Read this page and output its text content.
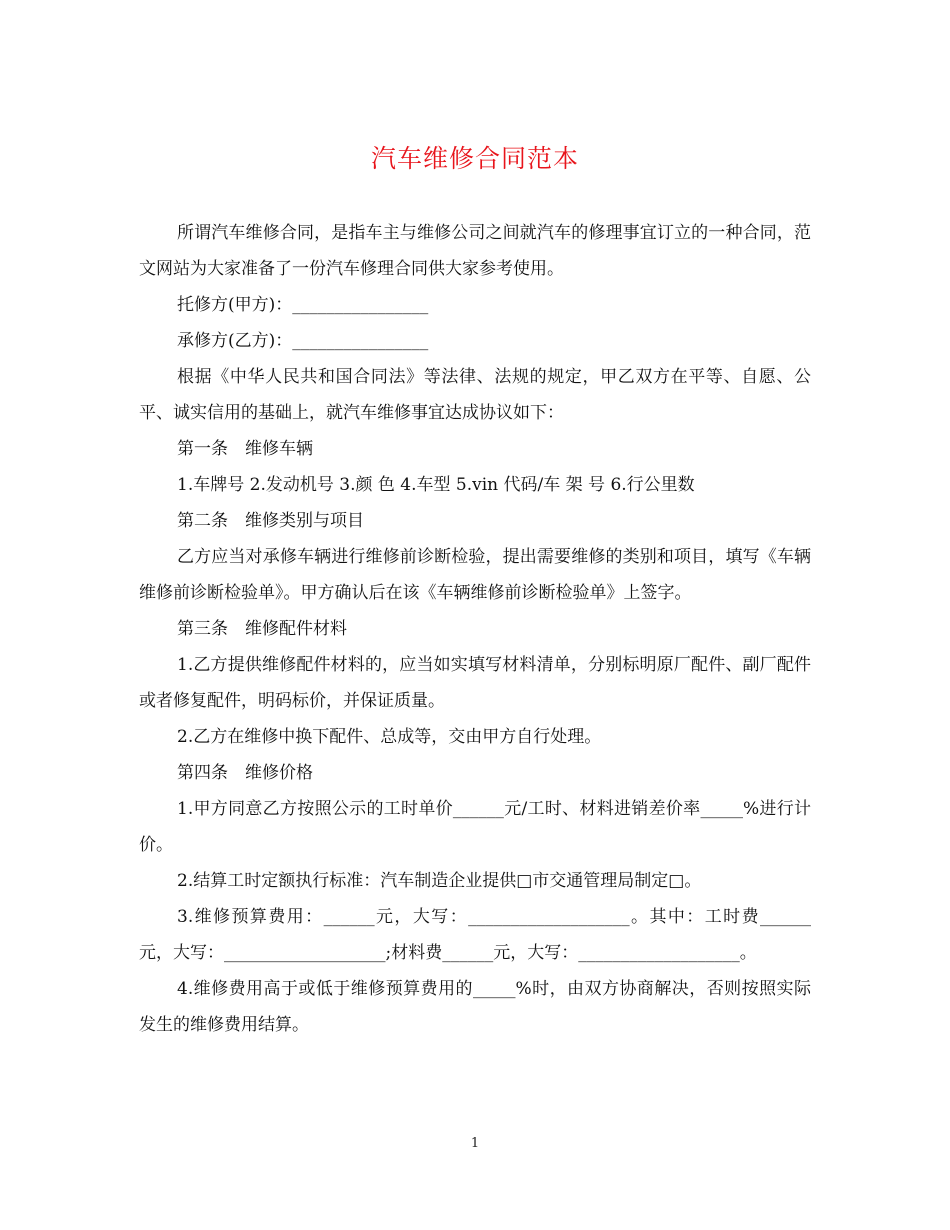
汽车维修合同范本

所谓汽车维修合同，是指车主与维修公司之间就汽车的修理事宜订立的一种合同，范文网站为大家准备了一份汽车修理合同供大家参考使用。

托修方(甲方)：________________

承修方(乙方)：________________

根据《中华人民共和国合同法》等法律、法规的规定，甲乙双方在平等、自愿、公平、诚实信用的基础上，就汽车维修事宜达成协议如下：

第一条　维修车辆

1.车牌号 2.发动机号 3.颜 色 4.车型 5.vin 代码/车 架 号 6.行公里数

第二条　维修类别与项目

乙方应当对承修车辆进行维修前诊断检验，提出需要维修的类别和项目，填写《车辆维修前诊断检验单》。甲方确认后在该《车辆维修前诊断检验单》上签字。

第三条　维修配件材料

1.乙方提供维修配件材料的，应当如实填写材料清单，分别标明原厂配件、副厂配件或者修复配件，明码标价，并保证质量。

2.乙方在维修中换下配件、总成等，交由甲方自行处理。

第四条　维修价格

1.甲方同意乙方按照公示的工时单价______元/工时、材料进销差价率_____%进行计价。

2.结算工时定额执行标准：汽车制造企业提供□市交通管理局制定□。

3.维修预算费用：______元，大写：___________________。其中：工时费______元，大写：___________________;材料费______元，大写：___________________。

4.维修费用高于或低于维修预算费用的_____%时，由双方协商解决，否则按照实际发生的维修费用结算。

1
